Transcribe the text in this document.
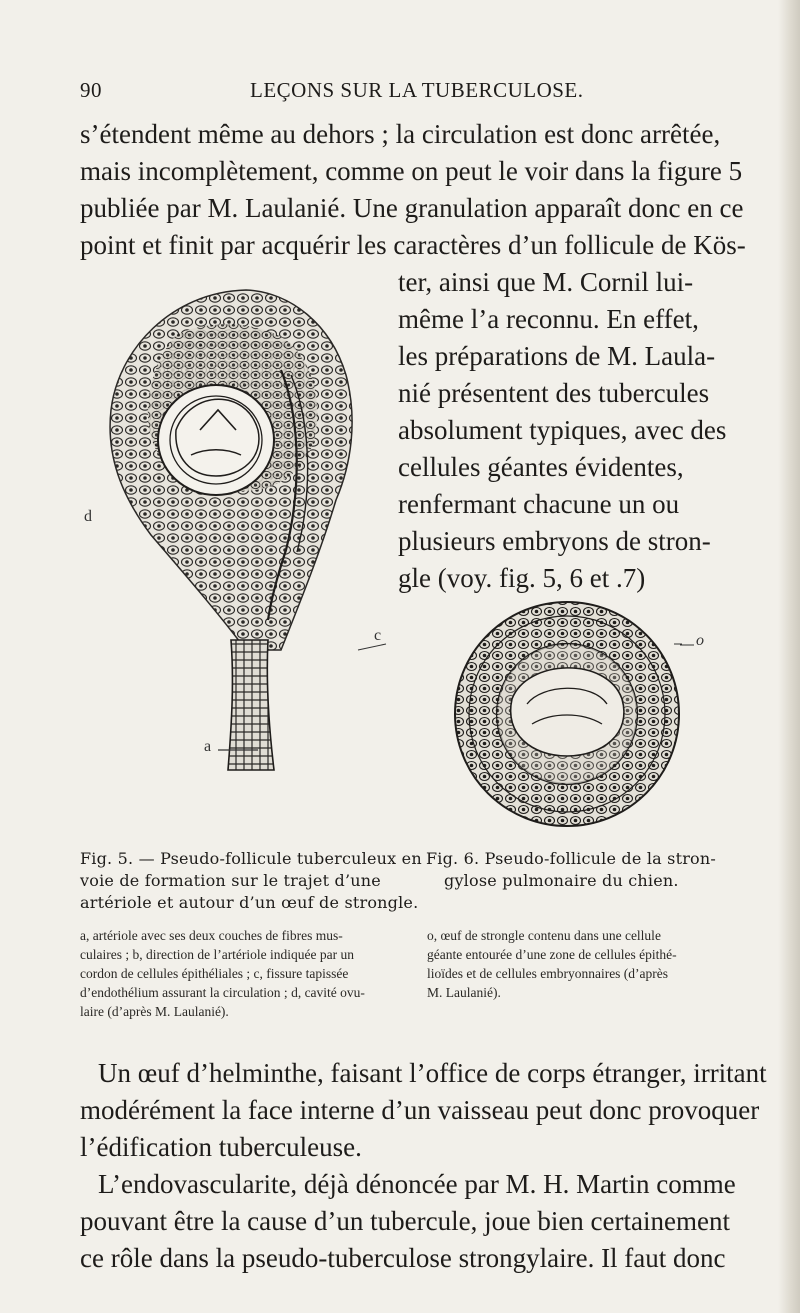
90	LEÇONS SUR LA TUBERCULOSE.
s’étendent même au dehors ; la circulation est donc arrêtée,
mais incomplètement, comme on peut le voir dans la figure 5
publiée par M. Laulanié. Une granulation apparaît donc en ce
point et finit par acquérir les caractères d’un follicule de Kös-
ter, ainsi que M. Cornil lui-
même l’a reconnu. En effet,
les préparations de M. Laula-
nié présentent des tubercules
absolument typiques, avec des
cellules géantes évidentes,
renfermant chacune un ou
plusieurs embryons de stron-
gle (voy. fig. 5, 6 et .7)
d
c
a
o
Fig. 5. — Pseudo-follicule tuberculeux en
voie de formation sur le trajet d’une
artériole et autour d’un œuf de strongle.
a, artériole avec ses deux couches de fibres mus-
culaires ; b, direction de l’artériole indiquée par un
cordon de cellules épithéliales ; c, fissure tapissée
d’endothélium assurant la circulation ; d, cavité ovu-
laire (d’après M. Laulanié).
Fig. 6. Pseudo-follicule de la stron-
gylose pulmonaire du chien.
o, œuf de strongle contenu dans une cellule
géante entourée d’une zone de cellules épithé-
lioïdes et de cellules embryonnaires (d’après
M. Laulanié).
Un œuf d’helminthe, faisant l’office de corps étranger, irritant
modérément la face interne d’un vaisseau peut donc provoquer
l’édification tuberculeuse.
L’endovascularite, déjà dénoncée par M. H. Martin comme
pouvant être la cause d’un tubercule, joue bien certainement
ce rôle dans la pseudo-tuberculose strongylaire. Il faut donc
